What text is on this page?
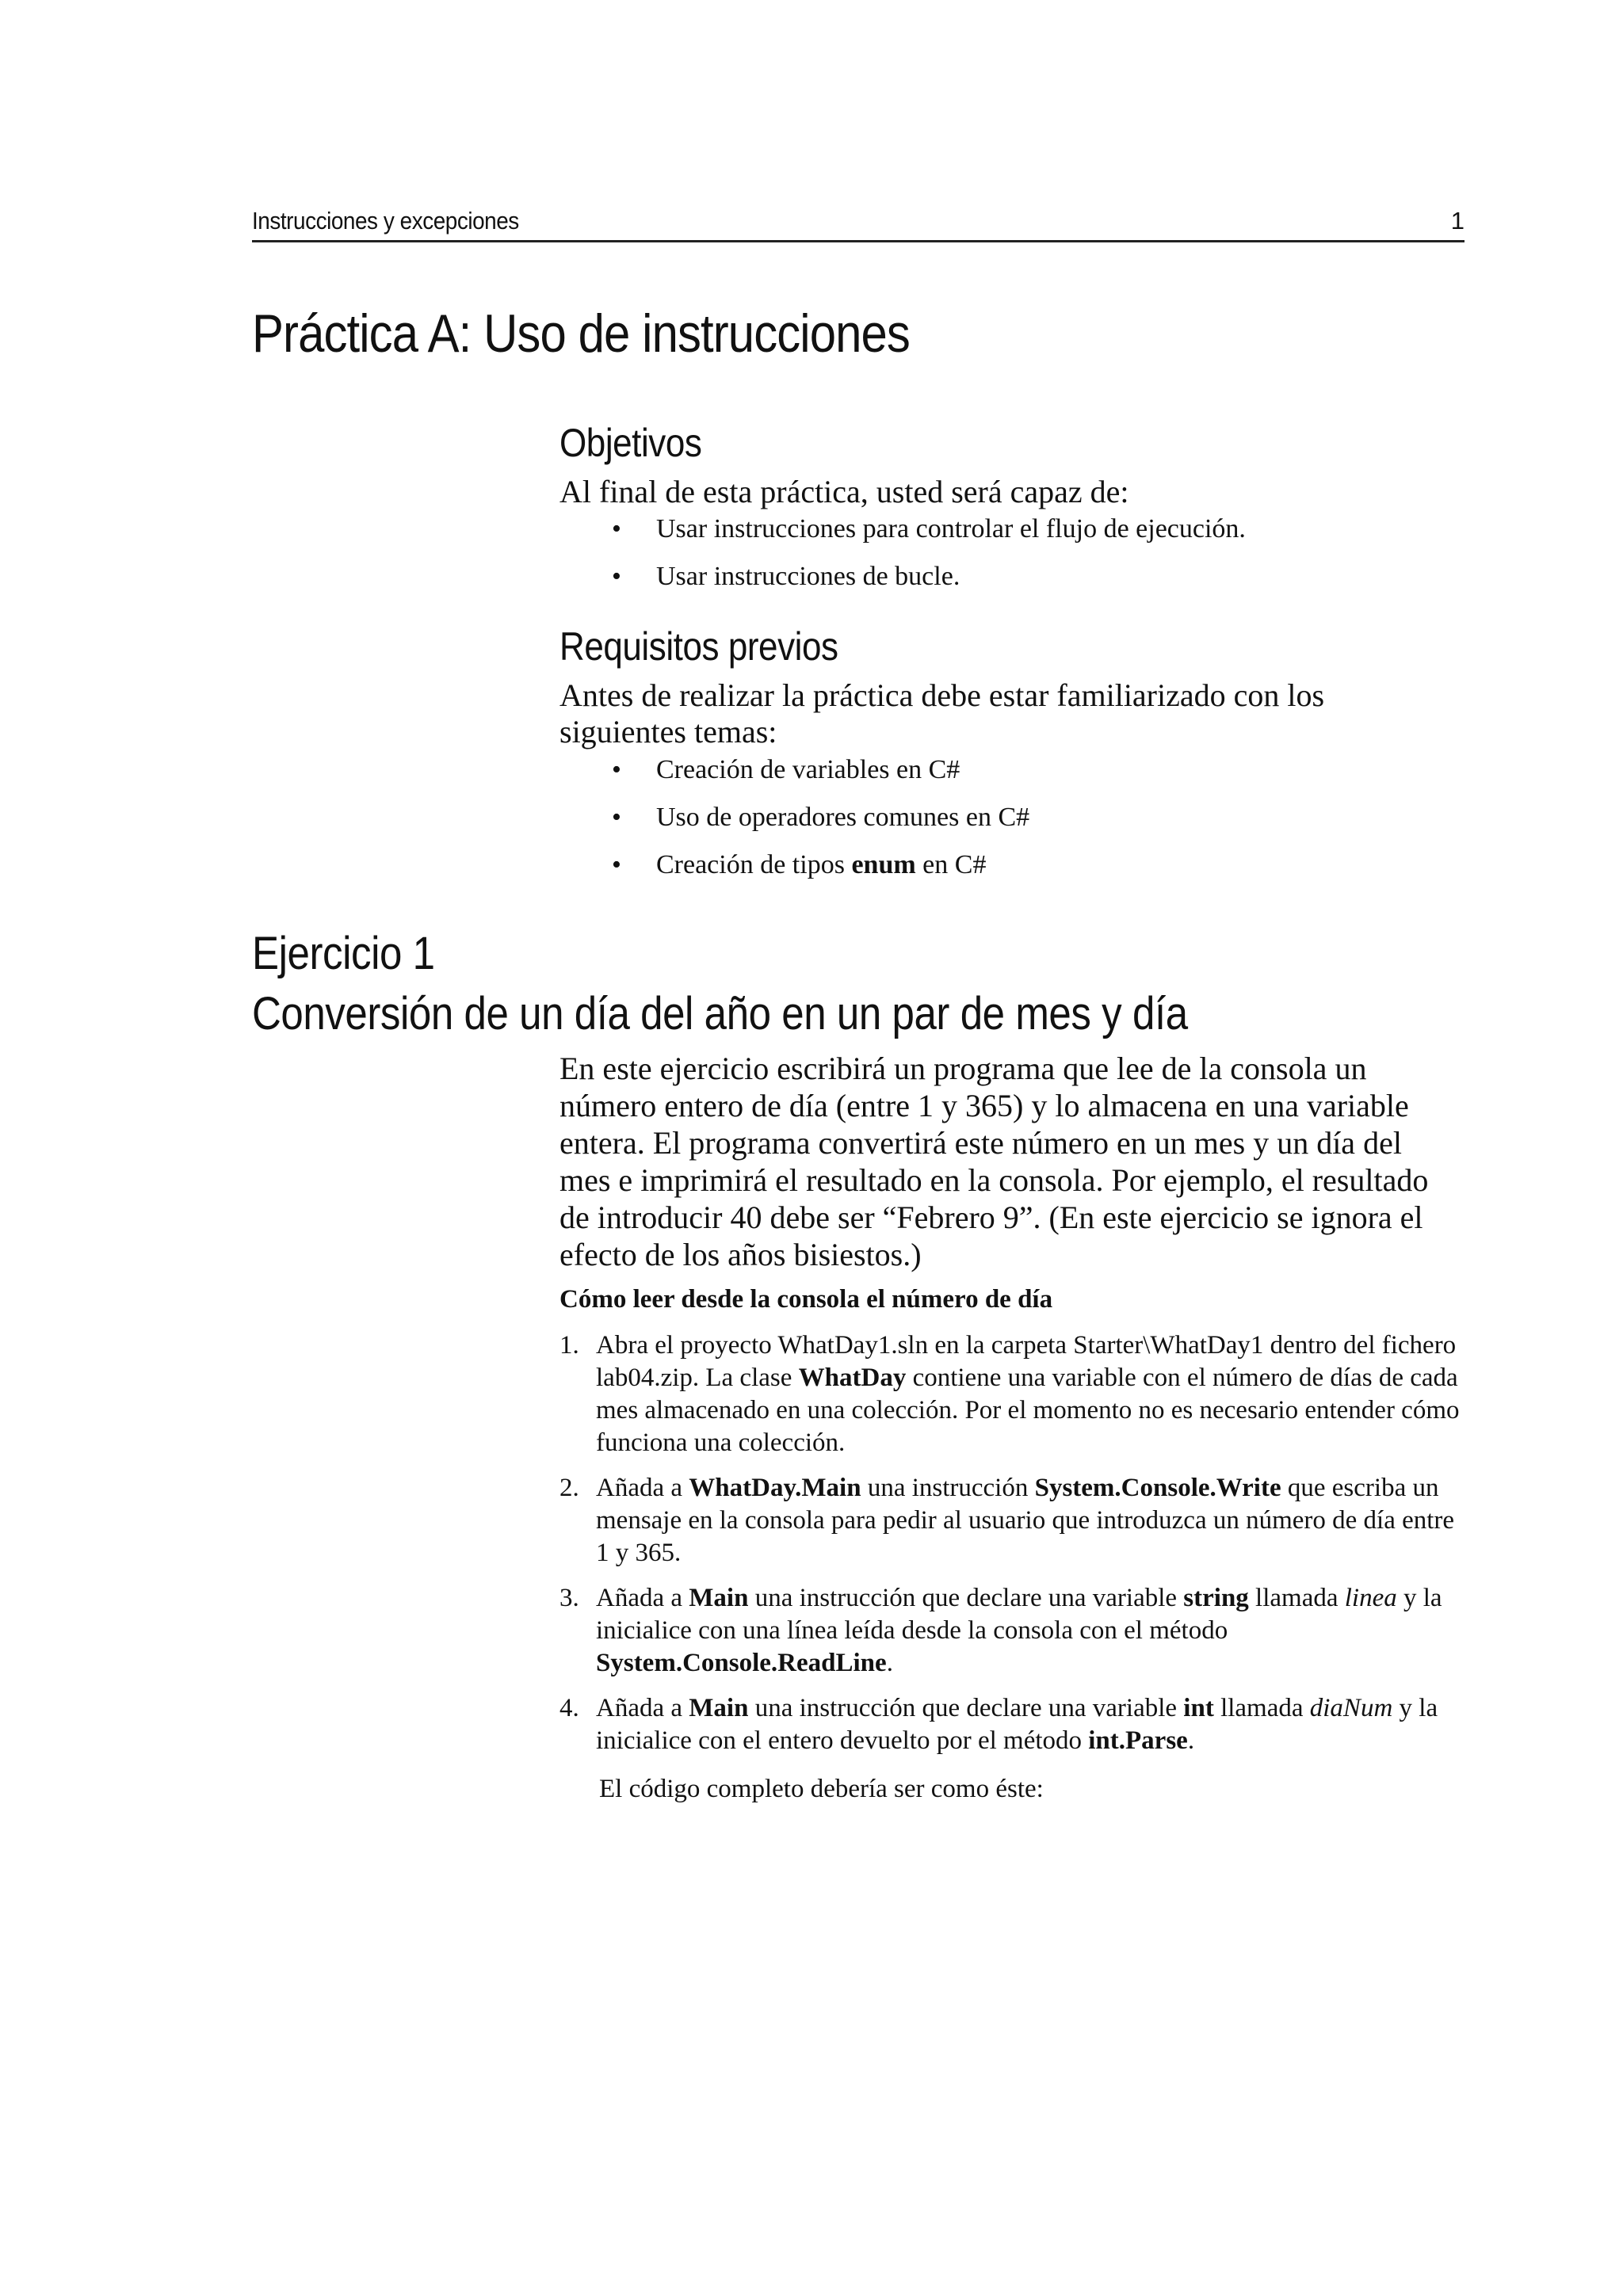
Instrucciones y excepciones	1
Práctica A: Uso de instrucciones
Objetivos

Al final de esta práctica, usted será capaz de:

• Usar instrucciones para controlar el flujo de ejecución.
• Usar instrucciones de bucle.
Requisitos previos

Antes de realizar la práctica debe estar familiarizado con los siguientes temas:

• Creación de variables en C#
• Uso de operadores comunes en C#
• Creación de tipos enum en C#
Ejercicio 1
Conversión de un día del año en un par de mes y día

En este ejercicio escribirá un programa que lee de la consola un número entero de día (entre 1 y 365) y lo almacena en una variable entera. El programa convertirá este número en un mes y un día del mes e imprimirá el resultado en la consola. Por ejemplo, el resultado de introducir 40 debe ser “Febrero 9”. (En este ejercicio se ignora el efecto de los años bisiestos.)

Cómo leer desde la consola el número de día

1. Abra el proyecto WhatDay1.sln en la carpeta Starter\WhatDay1 dentro del fichero lab04.zip. La clase WhatDay contiene una variable con el número de días de cada mes almacenado en una colección. Por el momento no es necesario entender cómo funciona una colección.
2. Añada a WhatDay.Main una instrucción System.Console.Write que escriba un mensaje en la consola para pedir al usuario que introduzca un número de día entre 1 y 365.
3. Añada a Main una instrucción que declare una variable string llamada linea y la inicialice con una línea leída desde la consola con el método System.Console.ReadLine.
4. Añada a Main una instrucción que declare una variable int llamada diaNum y la inicialice con el entero devuelto por el método int.Parse.

El código completo debería ser como éste:
